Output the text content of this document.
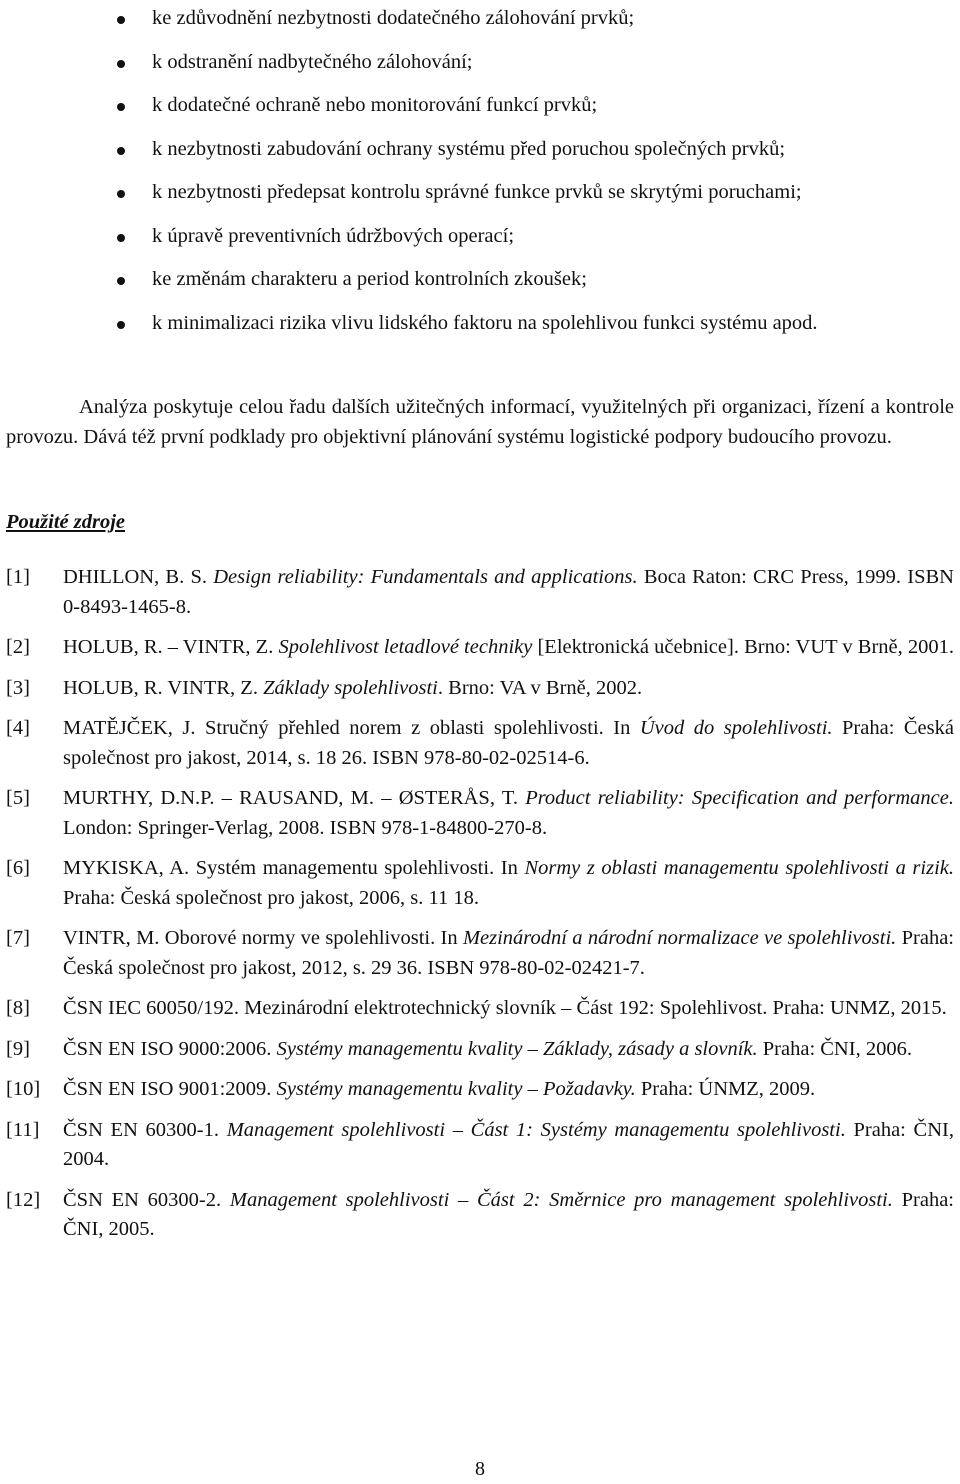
ke zdůvodnění nezbytnosti dodatečného zálohování prvků;
k odstranění nadbytečného zálohování;
k dodatečné ochraně nebo monitorování funkcí prvků;
k nezbytnosti zabudování ochrany systému před poruchou společných prvků;
k nezbytnosti předepsat kontrolu správné funkce prvků se skrytými poruchami;
k úpravě preventivních údržbových operací;
ke změnám charakteru a period kontrolních zkoušek;
k minimalizaci rizika vlivu lidského faktoru na spolehlivou funkci systému apod.

Analýza poskytuje celou řadu dalších užitečných informací, využitelných při organizaci, řízení a kontrole provozu. Dává též první podklady pro objektivní plánování systému logistické podpory budoucího provozu.

Použité zdroje
[1] DHILLON, B. S. Design reliability: Fundamentals and applications. Boca Raton: CRC Press, 1999. ISBN 0-8493-1465-8.
[2] HOLUB, R. – VINTR, Z. Spolehlivost letadlové techniky [Elektronická učebnice]. Brno: VUT v Brně, 2001.
[3] HOLUB, R. VINTR, Z. Základy spolehlivosti. Brno: VA v Brně, 2002.
[4] MATĚJČEK, J. Stručný přehled norem z oblasti spolehlivosti. In Úvod do spolehlivosti. Praha: Česká společnost pro jakost, 2014, s. 18 26. ISBN 978-80-02-02514-6.
[5] MURTHY, D.N.P. – RAUSAND, M. – ØSTERÅS, T. Product reliability: Specification and performance. London: Springer-Verlag, 2008. ISBN 978-1-84800-270-8.
[6] MYKISKA, A. Systém managementu spolehlivosti. In Normy z oblasti managementu spolehlivosti a rizik. Praha: Česká společnost pro jakost, 2006, s. 11 18.
[7] VINTR, M. Oborové normy ve spolehlivosti. In Mezinárodní a národní normalizace ve spolehlivosti. Praha: Česká společnost pro jakost, 2012, s. 29 36. ISBN 978-80-02-02421-7.
[8] ČSN IEC 60050/192. Mezinárodní elektrotechnický slovník – Část 192: Spolehlivost. Praha: UNMZ, 2015.
[9] ČSN EN ISO 9000:2006. Systémy managementu kvality – Základy, zásady a slovník. Praha: ČNI, 2006.
[10] ČSN EN ISO 9001:2009. Systémy managementu kvality – Požadavky. Praha: ÚNMZ, 2009.
[11] ČSN EN 60300-1. Management spolehlivosti – Část 1: Systémy managementu spolehlivosti. Praha: ČNI, 2004.
[12] ČSN EN 60300-2. Management spolehlivosti – Část 2: Směrnice pro management spolehlivosti. Praha: ČNI, 2005.
8
